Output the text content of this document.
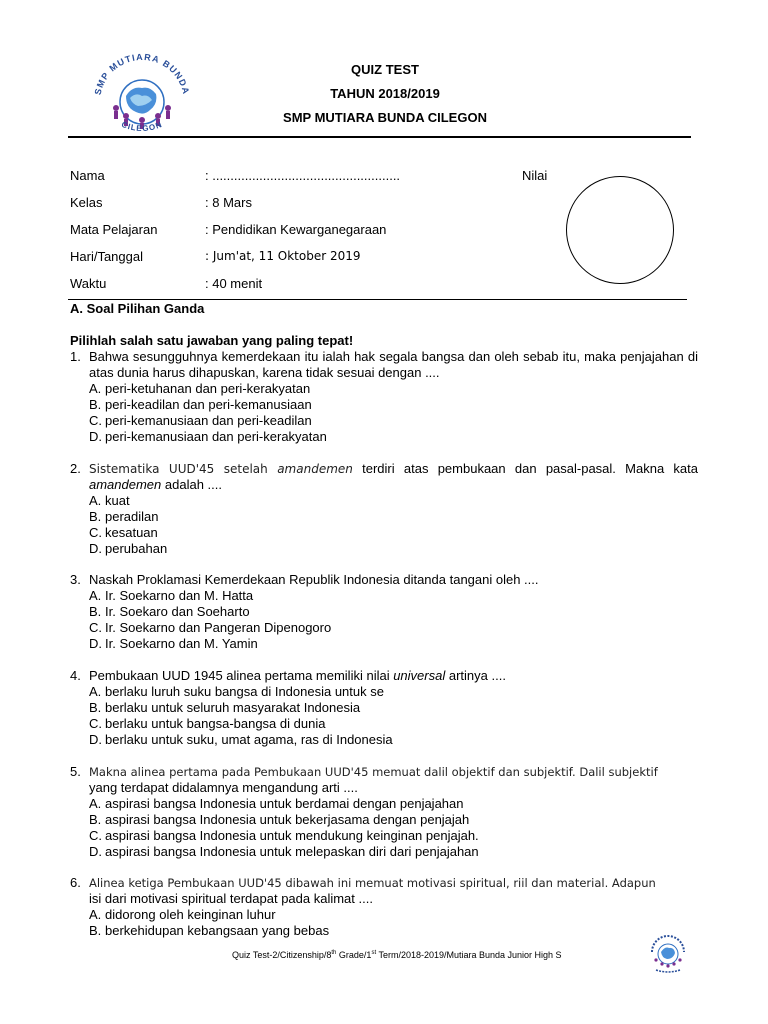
SMP MUTIARA BUNDA
CILEGON
QUIZ TEST
TAHUN 2018/2019
SMP MUTIARA BUNDA CILEGON
Nama	: ....................................................
Kelas	: 8 Mars
Mata Pelajaran	: Pendidikan Kewarganegaraan
Hari/Tanggal	: Jum'at, 11 Oktober 2019
Waktu	: 40 menit
Nilai
A. Soal Pilihan Ganda
Pilihlah salah satu jawaban yang paling tepat!
1. Bahwa sesungguhnya kemerdekaan itu ialah hak segala bangsa dan oleh sebab itu, maka penjajahan di atas dunia harus dihapuskan, karena tidak sesuai dengan ....
A. peri-ketuhanan dan peri-kerakyatan
B. peri-keadilan dan peri-kemanusiaan
C. peri-kemanusiaan dan peri-keadilan
D. peri-kemanusiaan dan peri-kerakyatan
2. Sistematika UUD'45 setelah amandemen terdiri atas pembukaan dan pasal-pasal. Makna kata amandemen adalah ....
A. kuat
B. peradilan
C. kesatuan
D. perubahan
3. Naskah Proklamasi Kemerdekaan Republik Indonesia ditanda tangani oleh ....
A. Ir. Soekarno dan M. Hatta
B. Ir. Soekaro dan Soeharto
C. Ir. Soekarno dan Pangeran Dipenogoro
D. Ir. Soekarno dan M. Yamin
4. Pembukaan UUD 1945 alinea pertama memiliki nilai universal artinya ....
A. berlaku luruh suku bangsa di Indonesia untuk se
B. berlaku untuk seluruh masyarakat Indonesia
C. berlaku untuk bangsa-bangsa di dunia
D. berlaku untuk suku, umat agama, ras di Indonesia
5. Makna alinea pertama pada Pembukaan UUD'45 memuat dalil objektif dan subjektif. Dalil subjektif
yang terdapat didalamnya mengandung arti ....
A. aspirasi bangsa Indonesia untuk berdamai dengan penjajahan
B. aspirasi bangsa Indonesia untuk bekerjasama dengan penjajah
C. aspirasi bangsa Indonesia untuk mendukung keinginan penjajah.
D. aspirasi bangsa Indonesia untuk melepaskan diri dari penjajahan
6. Alinea ketiga Pembukaan UUD'45 dibawah ini memuat motivasi spiritual, riil dan material. Adapun
isi dari motivasi spiritual terdapat pada kalimat ....
A. didorong oleh keinginan luhur
B. berkehidupan kebangsaan yang bebas
Quiz Test-2/Citizenship/8th Grade/1st Term/2018-2019/Mutiara Bunda Junior High S
